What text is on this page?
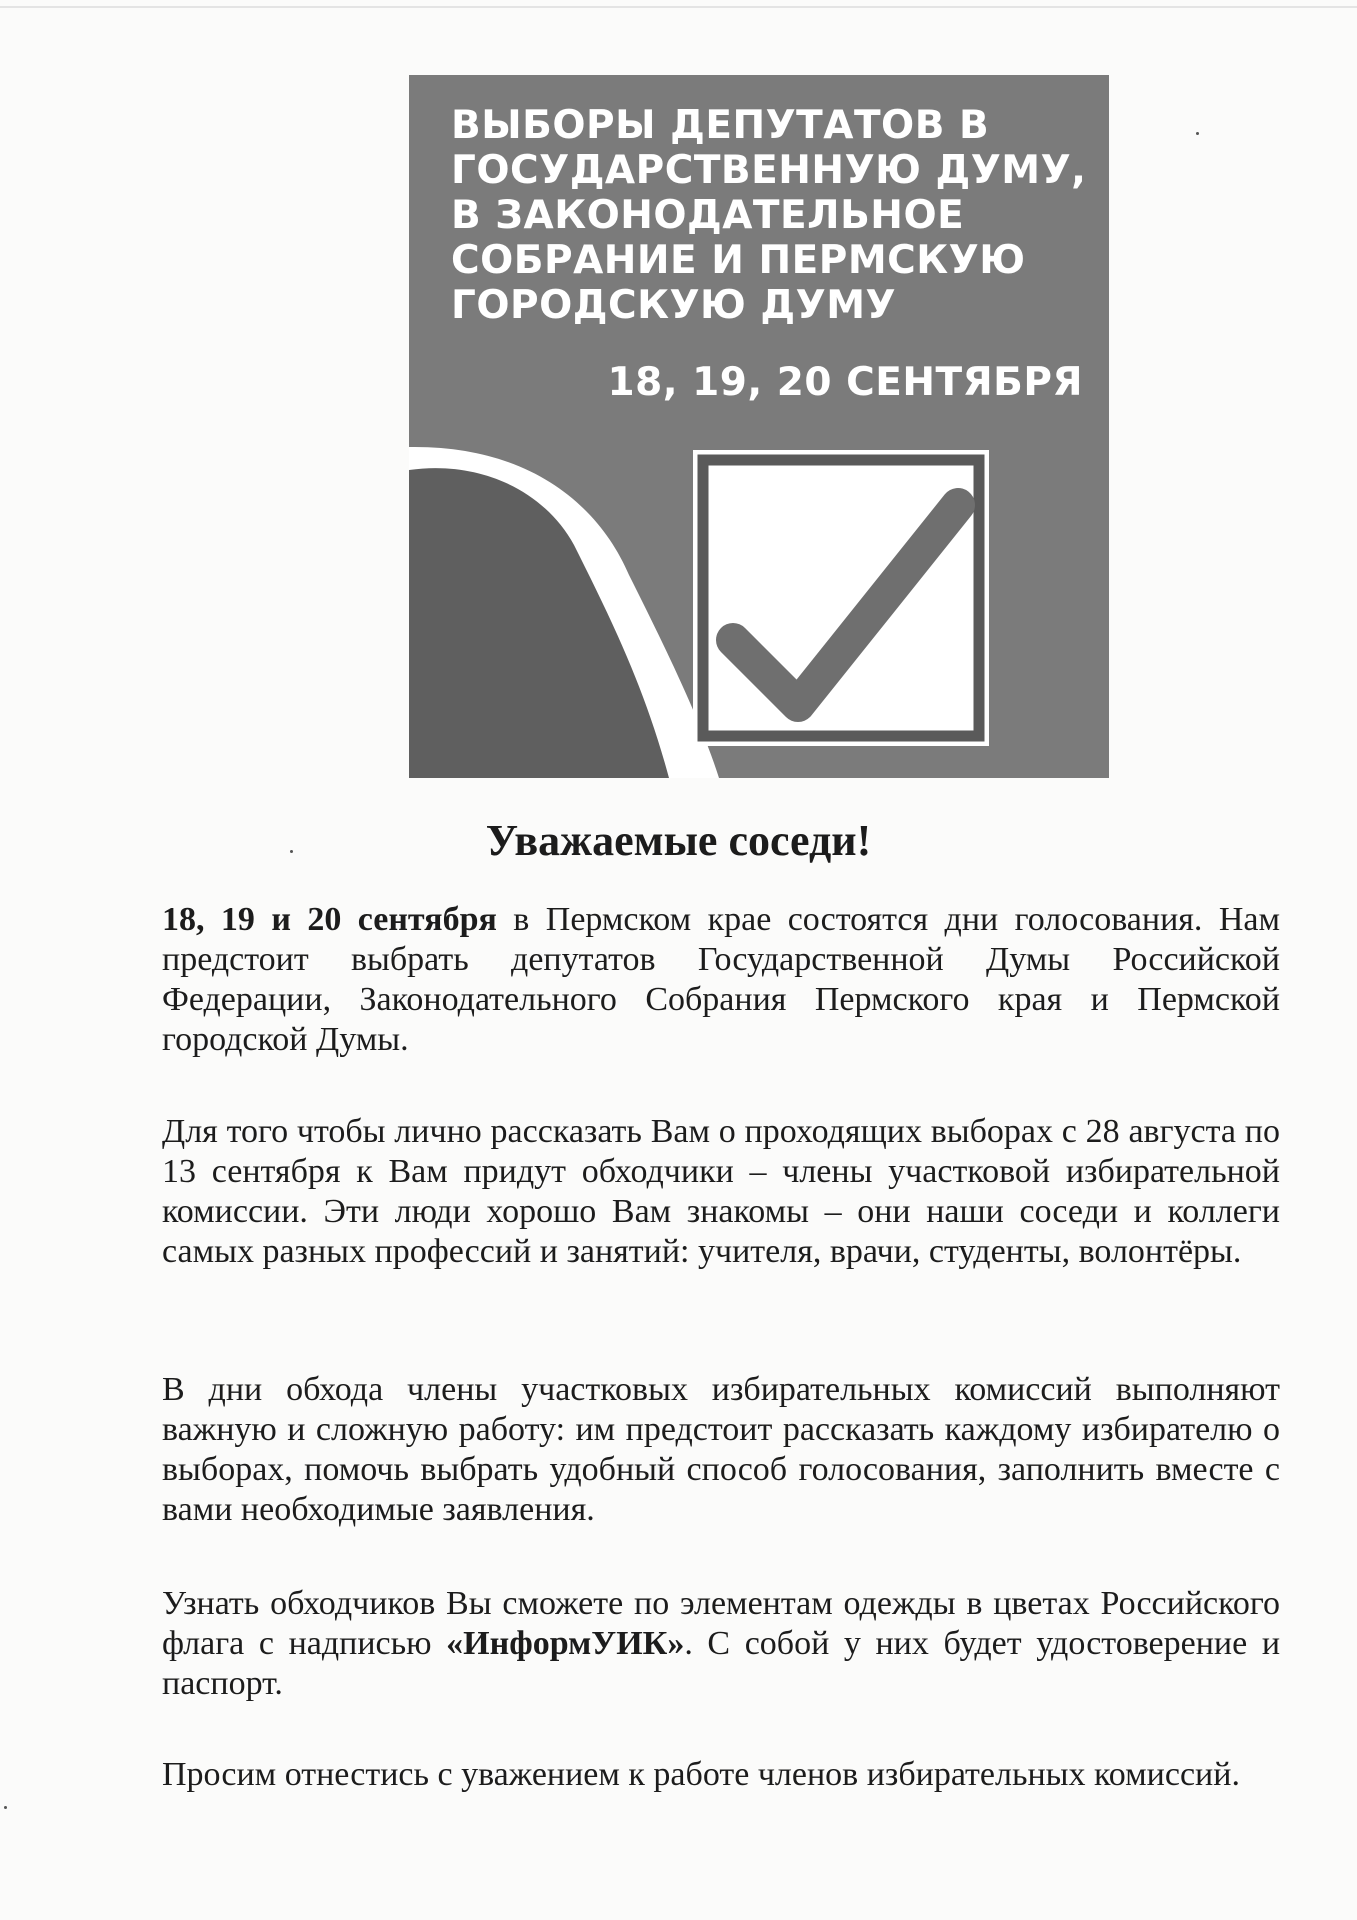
ВЫБОРЫ ДЕПУТАТОВ В
ГОСУДАРСТВЕННУЮ ДУМУ,
В ЗАКОНОДАТЕЛЬНОЕ
СОБРАНИЕ И ПЕРМСКУЮ
ГОРОДСКУЮ ДУМУ
18, 19, 20 СЕНТЯБРЯ
Уважаемые соседи!

18, 19 и 20 сентября в Пермском крае состоятся дни голосования. Нам предстоит выбрать депутатов Государственной Думы Российской Федерации, Законодательного Собрания Пермского края и Пермской городской Думы.

Для того чтобы лично рассказать Вам о проходящих выборах с 28 августа по 13 сентября к Вам придут обходчики – члены участковой избирательной комиссии. Эти люди хорошо Вам знакомы – они наши соседи и коллеги самых разных профессий и занятий: учителя, врачи, студенты, волонтёры.

В дни обхода члены участковых избирательных комиссий выполняют важную и сложную работу: им предстоит рассказать каждому избирателю о выборах, помочь выбрать удобный способ голосования, заполнить вместе с вами необходимые заявления.

Узнать обходчиков Вы сможете по элементам одежды в цветах Российского флага с надписью «ИнформУИК». С собой у них будет удостоверение и паспорт.

Просим отнестись с уважением к работе членов избирательных комиссий.
